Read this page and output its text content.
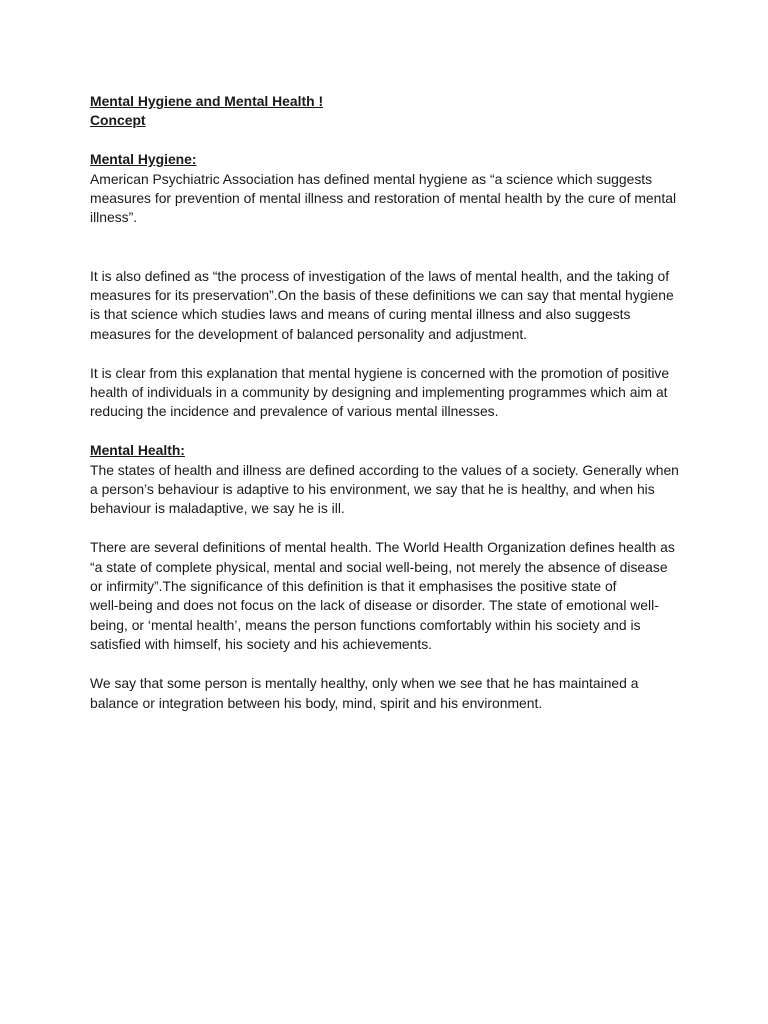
Mental Hygiene and Mental Health !
Concept
Mental Hygiene:
American Psychiatric Association has defined mental hygiene as “a science which suggests
measures for prevention of mental illness and restoration of mental health by the cure of mental
illness”.
It is also defined as “the process of investigation of the laws of mental health, and the taking of
measures for its preservation”.On the basis of these definitions we can say that mental hygiene
is that science which studies laws and means of curing mental illness and also suggests
measures for the development of balanced personality and adjustment.
It is clear from this explanation that mental hygiene is concerned with the promotion of positive
health of individuals in a community by designing and implementing programmes which aim at
reducing the incidence and prevalence of various mental illnesses.
Mental Health:
The states of health and illness are defined according to the values of a society. Generally when
a person’s behaviour is adaptive to his environment, we say that he is healthy, and when his
behaviour is maladaptive, we say he is ill.
There are several definitions of mental health. The World Health Organization defines health as
“a state of complete physical, mental and social well-being, not merely the absence of disease
or infirmity”.The significance of this definition is that it emphasises the positive state of
well-being and does not focus on the lack of disease or disorder. The state of emotional well-
being, or ‘mental health’, means the person functions comfortably within his society and is
satisfied with himself, his society and his achievements.
We say that some person is mentally healthy, only when we see that he has maintained a
balance or integration between his body, mind, spirit and his environment.
